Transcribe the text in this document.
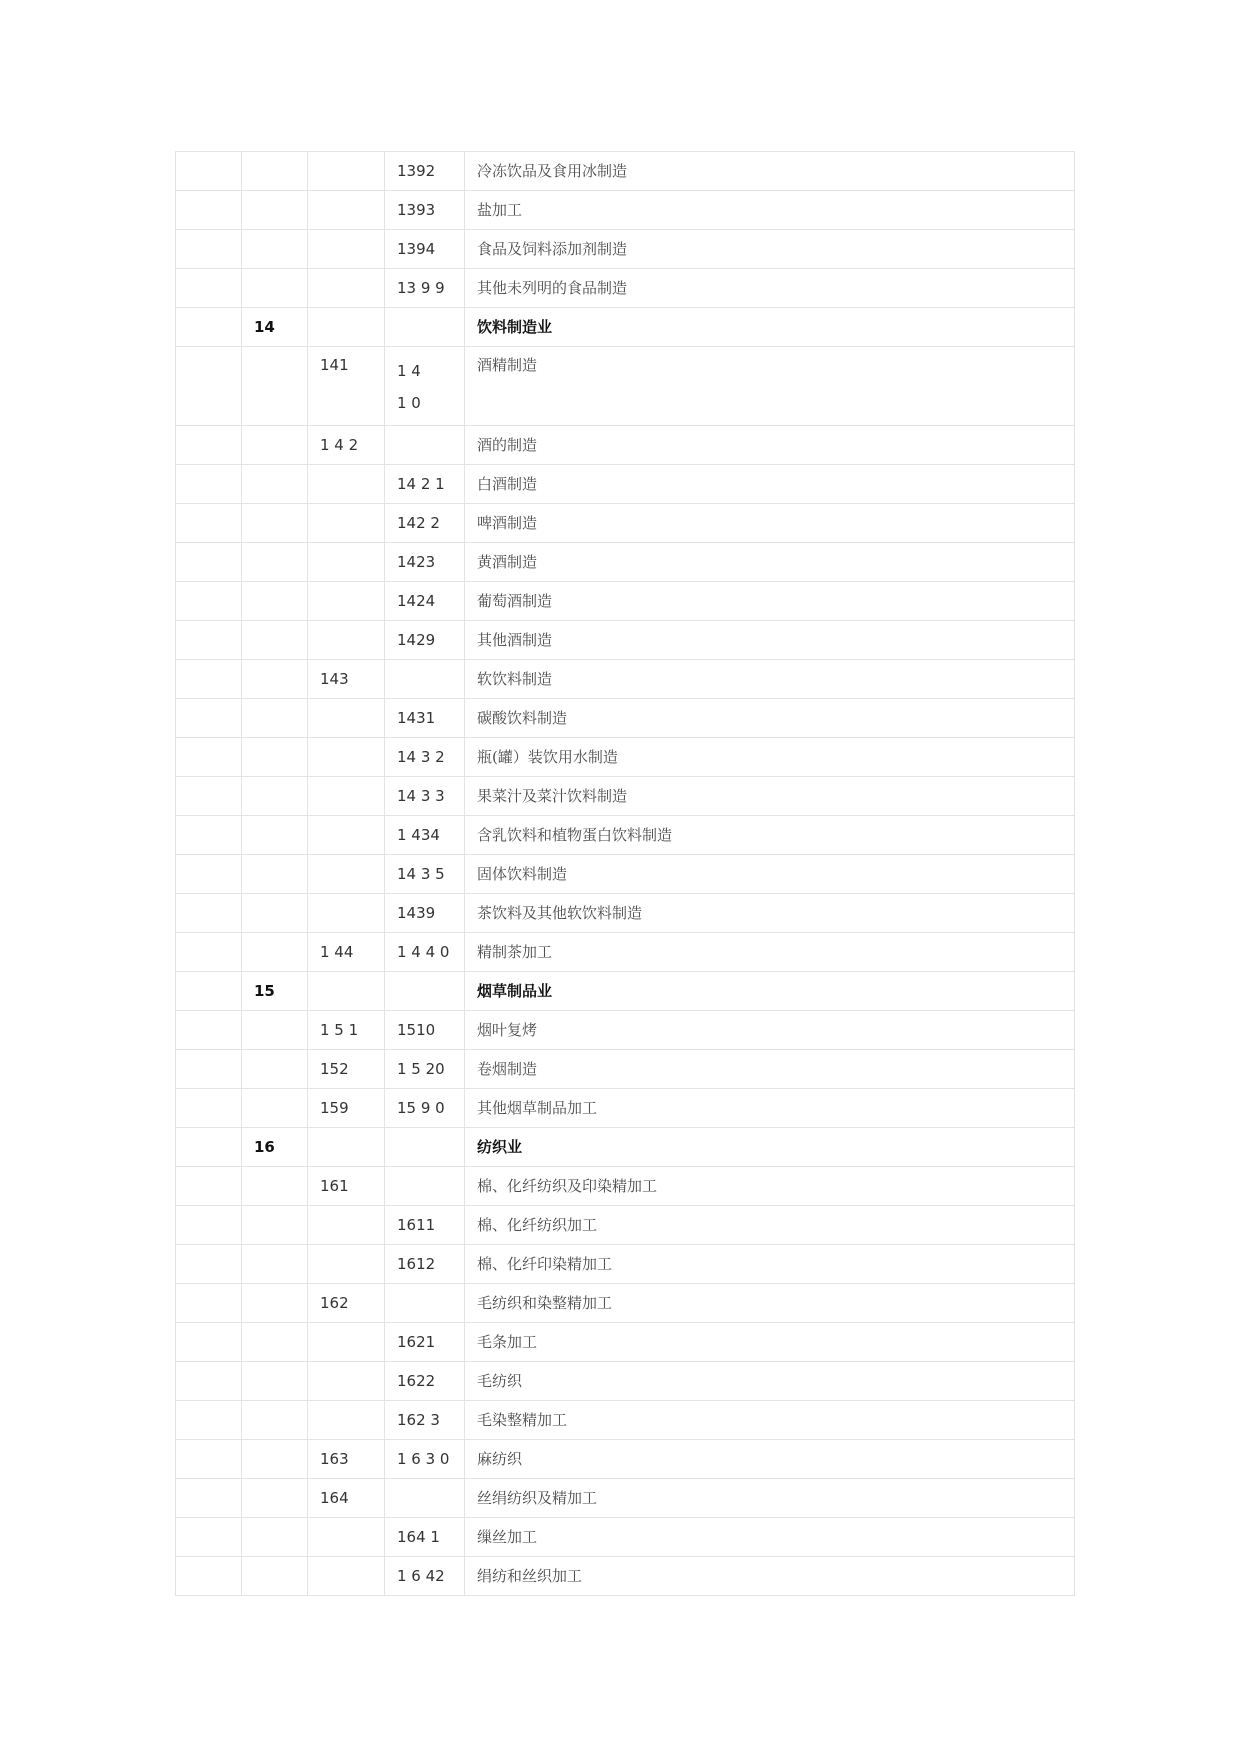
			1392	冷冻饮品及食用冰制造
			1393	盐加工
			1394	食品及饲料添加剂制造
			13 9 9	其他未列明的食品制造
	14			饮料制造业
		141	1 4 1 0	酒精制造
		1 4 2		酒的制造
			14 2 1	白酒制造
			142 2	啤酒制造
			1423	黄酒制造
			1424	葡萄酒制造
			1429	其他酒制造
		143		软饮料制造
			1431	碳酸饮料制造
			14 3 2	瓶(罐）装饮用水制造
			14 3 3	果菜汁及菜汁饮料制造
			1 434	含乳饮料和植物蛋白饮料制造
			14 3 5	固体饮料制造
			1439	茶饮料及其他软饮料制造
		1 44	1 4 4 0	精制茶加工
	15			烟草制品业
		1 5 1	1510	烟叶复烤
		152	1 5 20	卷烟制造
		159	15 9 0	其他烟草制品加工
	16			纺织业
		161		棉、化纤纺织及印染精加工
			1611	棉、化纤纺织加工
			1612	棉、化纤印染精加工
		162		毛纺织和染整精加工
			1621	毛条加工
			1622	毛纺织
			162 3	毛染整精加工
		163	1 6 3 0	麻纺织
		164		丝绢纺织及精加工
			164 1	缫丝加工
			1 6 42	绢纺和丝织加工
